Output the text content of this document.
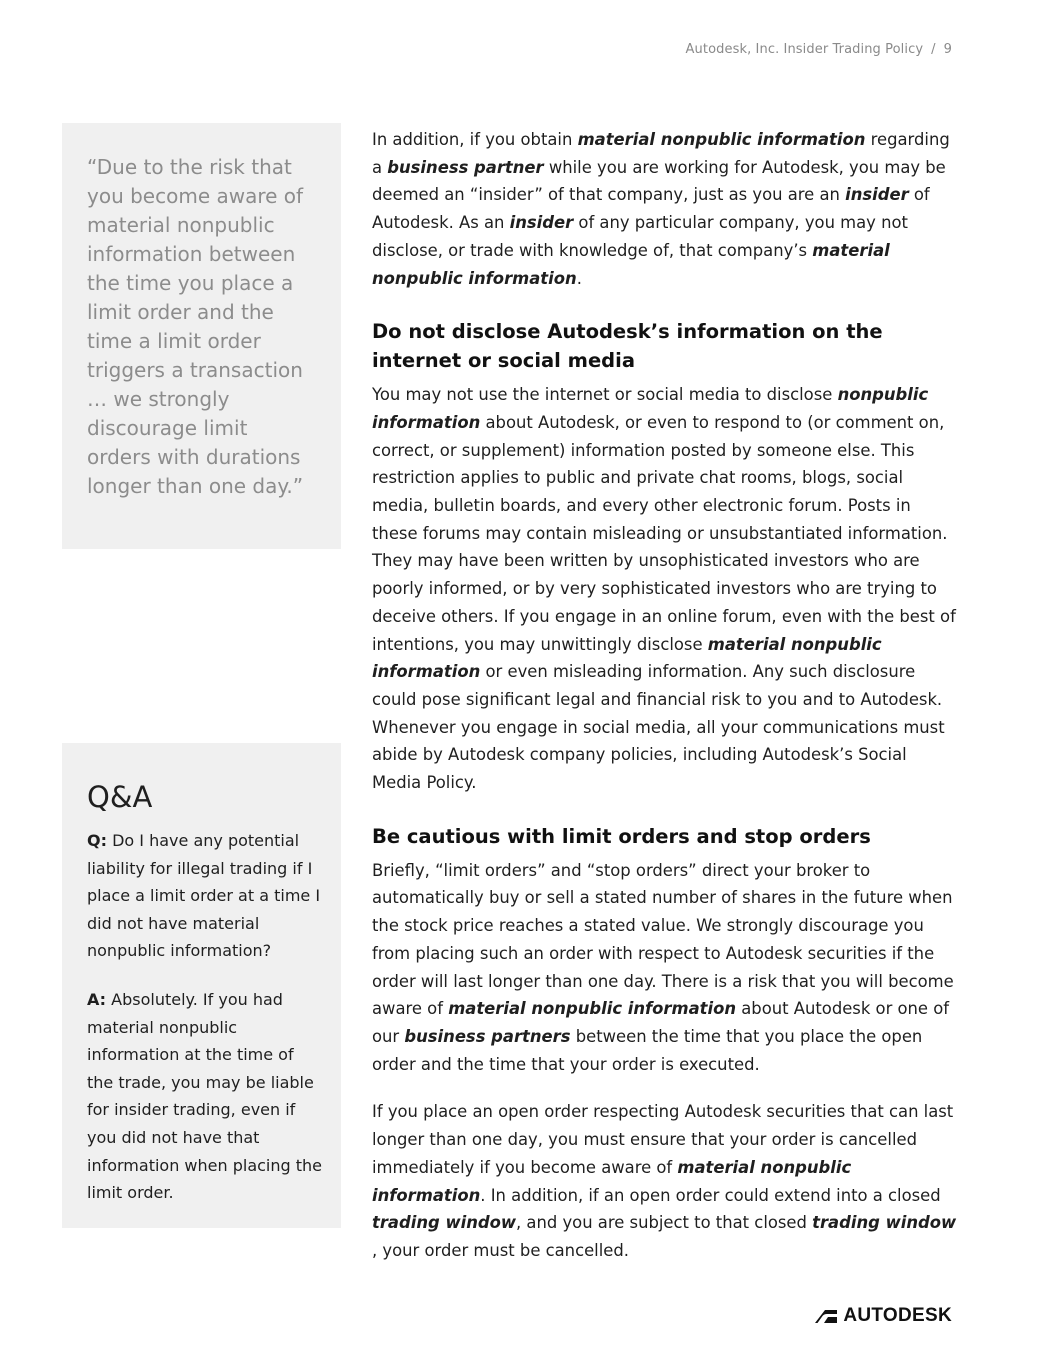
Autodesk, Inc. Insider Trading Policy / 9
“Due to the risk that you become aware of material nonpublic information between the time you place a limit order and the time a limit order triggers a transaction … we strongly discourage limit orders with durations longer than one day.”
Q&A

Q: Do I have any potential liability for illegal trading if I place a limit order at a time I did not have material nonpublic information?

A: Absolutely. If you had material nonpublic information at the time of the trade, you may be liable for insider trading, even if you did not have that information when placing the limit order.

In addition, if you obtain material nonpublic information regarding a business partner while you are working for Autodesk, you may be deemed an “insider” of that company, just as you are an insider of Autodesk. As an insider of any particular company, you may not disclose, or trade with knowledge of, that company’s material nonpublic information.

Do not disclose Autodesk’s information on the internet or social media

You may not use the internet or social media to disclose nonpublic information about Autodesk, or even to respond to (or comment on, correct, or supplement) information posted by someone else. This restriction applies to public and private chat rooms, blogs, social media, bulletin boards, and every other electronic forum. Posts in these forums may contain misleading or unsubstantiated information. They may have been written by unsophisticated investors who are poorly informed, or by very sophisticated investors who are trying to deceive others. If you engage in an online forum, even with the best of intentions, you may unwittingly disclose material nonpublic information or even misleading information. Any such disclosure could pose significant legal and financial risk to you and to Autodesk. Whenever you engage in social media, all your communications must abide by Autodesk company policies, including Autodesk’s Social Media Policy.

Be cautious with limit orders and stop orders

Briefly, “limit orders” and “stop orders” direct your broker to automatically buy or sell a stated number of shares in the future when the stock price reaches a stated value. We strongly discourage you from placing such an order with respect to Autodesk securities if the order will last longer than one day. There is a risk that you will become aware of material nonpublic information about Autodesk or one of our business partners between the time that you place the open order and the time that your order is executed.

If you place an open order respecting Autodesk securities that can last longer than one day, you must ensure that your order is cancelled immediately if you become aware of material nonpublic information. In addition, if an open order could extend into a closed trading window, and you are subject to that closed trading window , your order must be cancelled.

AUTODESK
